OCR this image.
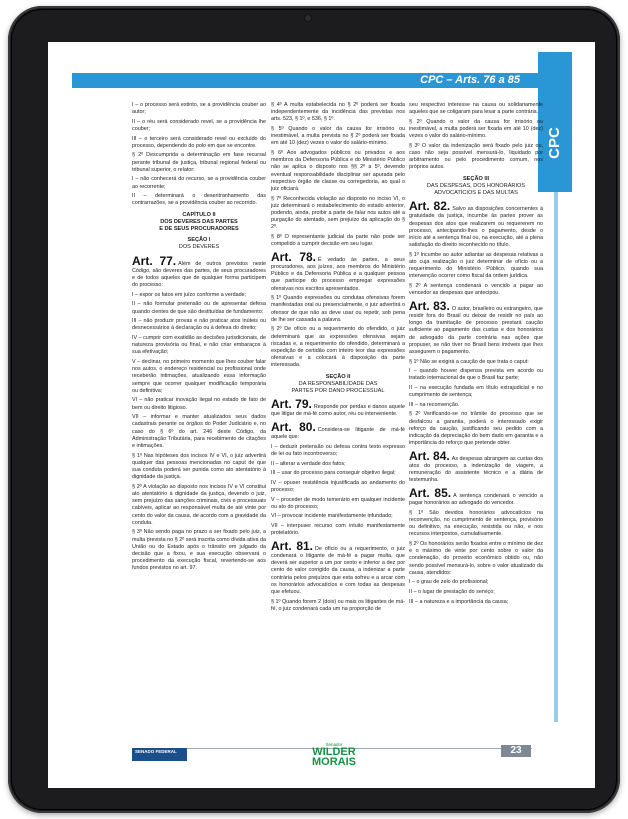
CPC
CPC – Arts. 76 a 85

I – o processo será extinto, se a providência couber ao autor;

II – o réu será considerado revel, se a providência lhe couber;

III – o terceiro será considerado revel ou excluído do processo, dependendo do polo em que se encontre.

§ 2º Descumprida a determinação em fase recursal perante tribunal de justiça, tribunal regional federal ou tribunal superior, o relator:

I – não conhecerá do recurso, se a providência couber ao recorrente;

II – determinará o desentranhamento das contrarrazões, se a providência couber ao recorrido.

CAPÍTULO II
DOS DEVERES DAS PARTES
E DE SEUS PROCURADORES
SEÇÃO I
DOS DEVERES

Art. 77. Além de outros previstos neste Código, são deveres das partes, de seus procuradores e de todos aqueles que de qualquer forma participem do processo:

I – expor os fatos em juízo conforme a verdade;

II – não formular pretensão ou de apresentar defesa quando cientes de que são destituídas de fundamento;

III – não produzir provas e não praticar atos inúteis ou desnecessários à declaração ou à defesa do direito;

IV – cumprir com exatidão as decisões jurisdicionais, de natureza provisória ou final, e não criar embaraços à sua efetivação;

V – declinar, no primeiro momento que lhes couber falar nos autos, o endereço residencial ou profissional onde receberão intimações, atualizando essa informação sempre que ocorrer qualquer modificação temporária ou definitiva;

VI – não praticar inovação ilegal no estado de fato de bem ou direito litigioso.

VII – informar e manter atualizados seus dados cadastrais perante os órgãos do Poder Judiciário e, no caso do § 6º do art. 246 deste Código, da Administração Tributária, para recebimento de citações e intimações.

§ 1º Nas hipóteses dos incisos IV e VI, o juiz advertirá qualquer das pessoas mencionadas no caput de que sua conduta poderá ser punida como ato atentatório à dignidade da justiça.

§ 2º A violação ao disposto nos incisos IV e VI constitui ato atentatório à dignidade da justiça, devendo o juiz, sem prejuízo das sanções criminais, civis e processuais cabíveis, aplicar ao responsável multa de até vinte por cento do valor da causa, de acordo com a gravidade da conduta.

§ 3º Não sendo paga no prazo a ser fixado pelo juiz, a multa prevista no § 2º será inscrita como dívida ativa da União ou do Estado após o trânsito em julgado da decisão que a fixou, e sua execução observará o procedimento da execução fiscal, revertendo-se aos fundos previstos no art. 97.

§ 4º A multa estabelecida no § 2º poderá ser fixada independentemente da incidência das previstas nos arts. 523, § 1º, e 536, § 1º.

§ 5º Quando o valor da causa for irrisório ou inestimável, a multa prevista no § 2º poderá ser fixada em até 10 (dez) vezes o valor do salário-mínimo.

§ 6º Aos advogados públicos ou privados e aos membros da Defensoria Pública e do Ministério Público não se aplica o disposto nos §§ 2º a 5º, devendo eventual responsabilidade disciplinar ser apurada pelo respectivo órgão de classe ou corregedoria, ao qual o juiz oficiará.

§ 7º Reconhecida violação ao disposto no inciso VI, o juiz determinará o restabelecimento do estado anterior, podendo, ainda, proibir a parte de falar nos autos até a purgação do atentado, sem prejuízo da aplicação do § 2º.

§ 8º O representante judicial da parte não pode ser compelido a cumprir decisão em seu lugar.

Art. 78. É vedado às partes, a seus procuradores, aos juízes, aos membros do Ministério Público e da Defensoria Pública e a qualquer pessoa que participe do processo empregar expressões ofensivas nos escritos apresentados.

§ 1º Quando expressões ou condutas ofensivas forem manifestadas oral ou presencialmente, o juiz advertirá o ofensor de que não as deve usar ou repetir, sob pena de lhe ser cassada a palavra.

§ 2º De ofício ou a requerimento do ofendido, o juiz determinará que as expressões ofensivas sejam riscadas e, a requerimento do ofendido, determinará a expedição de certidão com inteiro teor das expressões ofensivas e a colocará à disposição da parte interessada.

SEÇÃO II
DA RESPONSABILIDADE DAS
PARTES POR DANO PROCESSUAL

Art. 79. Responde por perdas e danos aquele que litigar de má-fé como autor, réu ou interveniente.

Art. 80. Considera-se litigante de má-fé aquele que:

I – deduzir pretensão ou defesa contra texto expresso de lei ou fato incontroverso;

II – alterar a verdade dos fatos;

III – usar do processo para conseguir objetivo ilegal;

IV – opuser resistência injustificada ao andamento do processo;

V – proceder de modo temerário em qualquer incidente ou ato do processo;

VI – provocar incidente manifestamente infundado;

VII – interpuser recurso com intuito manifestamente protelatório.

Art. 81. De ofício ou a requerimento, o juiz condenará o litigante de má-fé a pagar multa, que deverá ser superior a um por cento e inferior a dez por cento do valor corrigido da causa, a indenizar a parte contrária pelos prejuízos que esta sofreu e a arcar com os honorários advocatícios e com todas as despesas que efetuou.

§ 1º Quando forem 2 (dois) ou mais os litigantes de má-fé, o juiz condenará cada um na proporção de

seu respectivo interesse na causa ou solidariamente aqueles que se coligaram para lesar a parte contrária.

§ 2º Quando o valor da causa for irrisório ou inestimável, a multa poderá ser fixada em até 10 (dez) vezes o valor do salário-mínimo.

§ 3º O valor da indenização será fixado pelo juiz ou, caso não seja possível mensurá-lo, liquidado por arbitramento ou pelo procedimento comum, nos próprios autos.

SEÇÃO III
DAS DESPESAS, DOS HONORÁRIOS
ADVOCATÍCIOS E DAS MULTAS

Art. 82. Salvo as disposições concernentes à gratuidade da justiça, incumbe às partes prover as despesas dos atos que realizarem ou requererem no processo, antecipando-lhes o pagamento, desde o início até a sentença final ou, na execução, até a plena satisfação do direito reconhecido no título.

§ 1º Incumbe ao autor adiantar as despesas relativas a ato cuja realização o juiz determinar de ofício ou a requerimento do Ministério Público, quando sua intervenção ocorrer como fiscal da ordem jurídica.

§ 2º A sentença condenará o vencido a pagar ao vencedor as despesas que antecipou.

Art. 83. O autor, brasileiro ou estrangeiro, que residir fora do Brasil ou deixar de residir no país ao longo da tramitação de processo prestará caução suficiente ao pagamento das custas e dos honorários de advogado da parte contrária nas ações que propuser, se não tiver no Brasil bens imóveis que lhes assegurem o pagamento.

§ 1º Não se exigirá a caução de que trata o caput:

I – quando houver dispensa prevista em acordo ou tratado internacional de que o Brasil faz parte;

II – na execução fundada em título extrajudicial e no cumprimento de sentença;

III – na reconvenção.

§ 2º Verificando-se no trâmite do processo que se desfalcou a garantia, poderá o interessado exigir reforço da caução, justificando seu pedido com a indicação da depreciação do bem dado em garantia e a importância do reforço que pretende obter.

Art. 84. As despesas abrangem as custas dos atos do processo, a indenização de viagem, a remuneração do assistente técnico e a diária de testemunha.

Art. 85. A sentença condenará o vencido a pagar honorários ao advogado do vencedor.

§ 1º São devidos honorários advocatícios na reconvenção, no cumprimento de sentença, provisório ou definitivo, na execução, resistida ou não, e nos recursos interpostos, cumulativamente.

§ 2º Os honorários serão fixados entre o mínimo de dez e o máximo de vinte por cento sobre o valor da condenação, do proveito econômico obtido ou, não sendo possível mensurá-lo, sobre o valor atualizado da causa, atendidos:

I – o grau de zelo do profissional;

II – o lugar de prestação do serviço;

III – a natureza e a importância da causa;

SENADO FEDERAL
Senador
WILDER MORAIS
23
